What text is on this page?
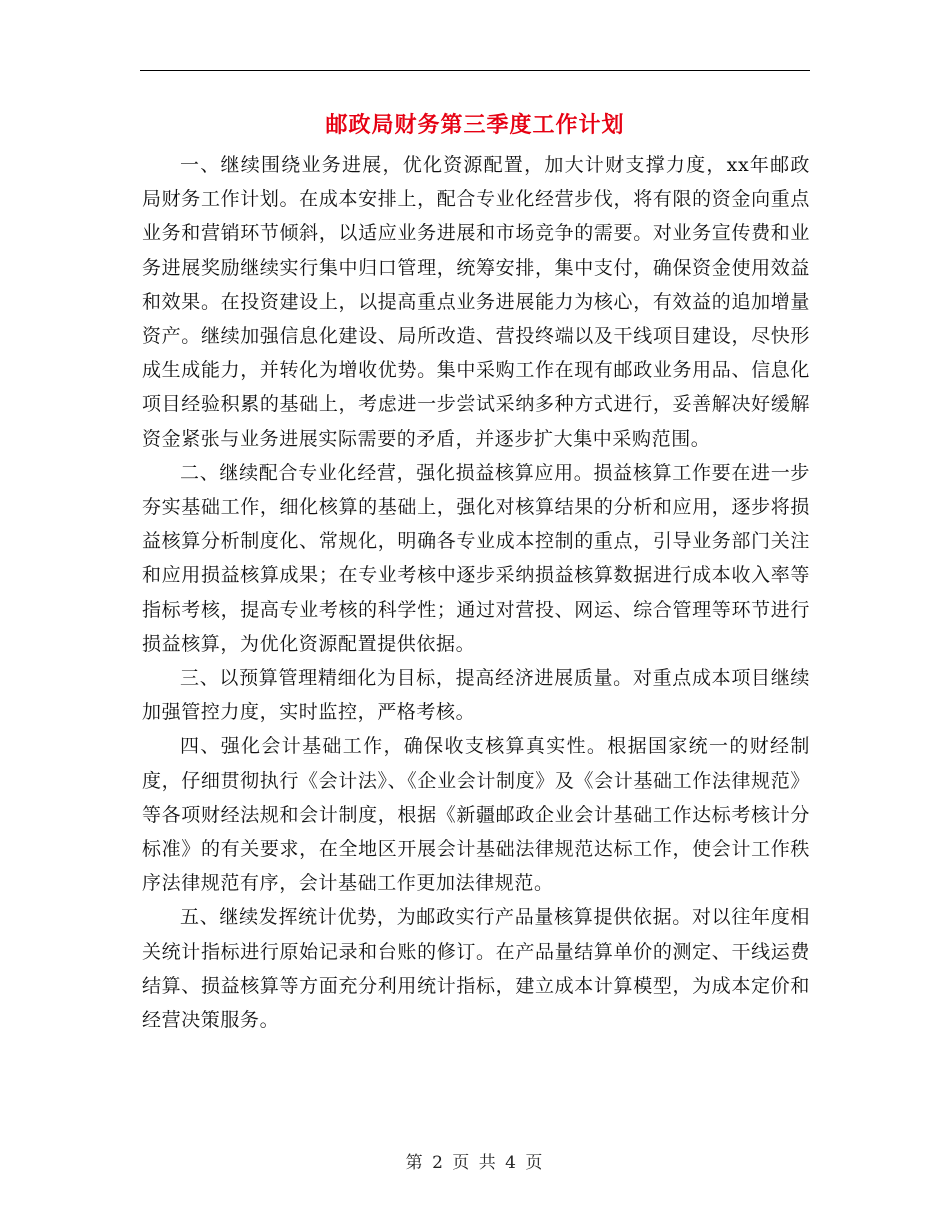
邮政局财务第三季度工作计划

一、继续围绕业务进展，优化资源配置，加大计财支撑力度，xx年邮政局财务工作计划。在成本安排上，配合专业化经营步伐，将有限的资金向重点业务和营销环节倾斜，以适应业务进展和市场竞争的需要。对业务宣传费和业务进展奖励继续实行集中归口管理，统筹安排，集中支付，确保资金使用效益和效果。在投资建设上，以提高重点业务进展能力为核心，有效益的追加增量资产。继续加强信息化建设、局所改造、营投终端以及干线项目建设，尽快形成生成能力，并转化为增收优势。集中采购工作在现有邮政业务用品、信息化项目经验积累的基础上，考虑进一步尝试采纳多种方式进行，妥善解决好缓解资金紧张与业务进展实际需要的矛盾，并逐步扩大集中采购范围。

二、继续配合专业化经营，强化损益核算应用。损益核算工作要在进一步夯实基础工作，细化核算的基础上，强化对核算结果的分析和应用，逐步将损益核算分析制度化、常规化，明确各专业成本控制的重点，引导业务部门关注和应用损益核算成果；在专业考核中逐步采纳损益核算数据进行成本收入率等指标考核，提高专业考核的科学性；通过对营投、网运、综合管理等环节进行损益核算，为优化资源配置提供依据。

三、以预算管理精细化为目标，提高经济进展质量。对重点成本项目继续加强管控力度，实时监控，严格考核。

四、强化会计基础工作，确保收支核算真实性。根据国家统一的财经制度，仔细贯彻执行《会计法》、《企业会计制度》及《会计基础工作法律规范》等各项财经法规和会计制度，根据《新疆邮政企业会计基础工作达标考核计分标准》的有关要求，在全地区开展会计基础法律规范达标工作，使会计工作秩序法律规范有序，会计基础工作更加法律规范。

五、继续发挥统计优势，为邮政实行产品量核算提供依据。对以往年度相关统计指标进行原始记录和台账的修订。在产品量结算单价的测定、干线运费结算、损益核算等方面充分利用统计指标，建立成本计算模型，为成本定价和经营决策服务。

第 2 页 共 4 页
